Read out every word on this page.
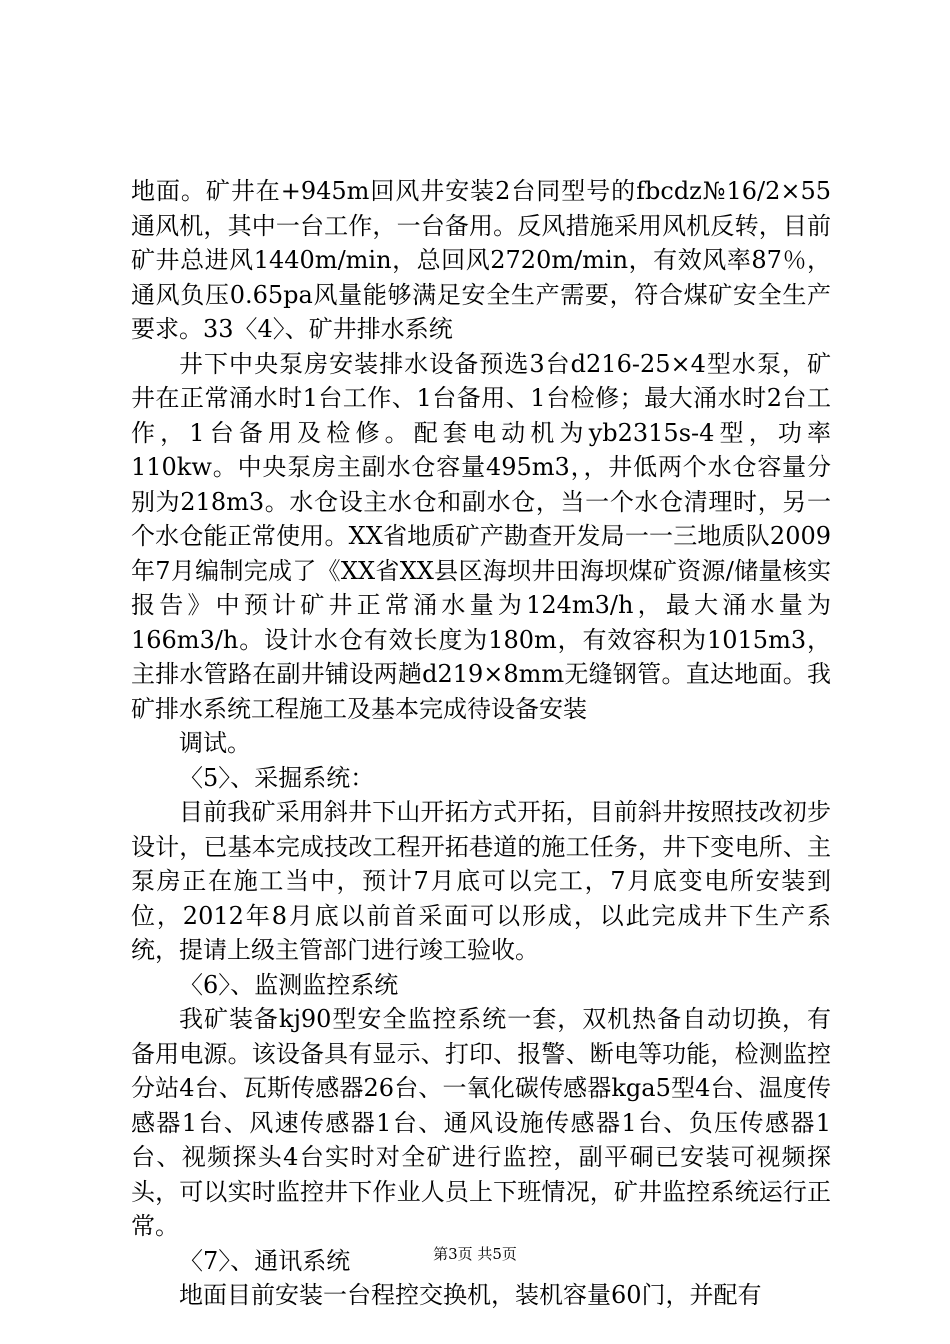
地面。矿井在+945m回风井安装2台同型号的fbcdz№16/2×55通风机，其中一台工作，一台备用。反风措施采用风机反转，目前矿井总进风1440m/min，总回风2720m/min，有效风率87％，通风负压0.65pa风量能够满足安全生产需要，符合煤矿安全生产要求。33〈4〉、矿井排水系统

井下中央泵房安装排水设备预选3台d216-25×4型水泵，矿井在正常涌水时1台工作、1台备用、1台检修；最大涌水时2台工作，1台备用及检修。配套电动机为yb2315s-4型，功率110kw。中央泵房主副水仓容量495m3，，井低两个水仓容量分别为218m3。水仓设主水仓和副水仓，当一个水仓清理时，另一个水仓能正常使用。XX省地质矿产勘查开发局一一三地质队2009年7月编制完成了《XX省XX县区海坝井田海坝煤矿资源/储量核实报告》中预计矿井正常涌水量为124m3/h，最大涌水量为166m3/h。设计水仓有效长度为180m，有效容积为1015m3，主排水管路在副井铺设两趟d219×8mm无缝钢管。直达地面。我矿排水系统工程施工及基本完成待设备安装

调试。

〈5〉、采掘系统：

目前我矿采用斜井下山开拓方式开拓，目前斜井按照技改初步设计，已基本完成技改工程开拓巷道的施工任务，井下变电所、主泵房正在施工当中，预计7月底可以完工，7月底变电所安装到位，2012年8月底以前首采面可以形成，以此完成井下生产系统，提请上级主管部门进行竣工验收。

〈6〉、监测监控系统

我矿装备kj90型安全监控系统一套，双机热备自动切换，有备用电源。该设备具有显示、打印、报警、断电等功能，检测监控分站4台、瓦斯传感器26台、一氧化碳传感器kga5型4台、温度传感器1台、风速传感器1台、通风设施传感器1台、负压传感器1台、视频探头4台实时对全矿进行监控，副平硐已安装可视频探头，可以实时监控井下作业人员上下班情况，矿井监控系统运行正常。

〈7〉、通讯系统

地面目前安装一台程控交换机，装机容量60门，并配有

第3页 共5页
